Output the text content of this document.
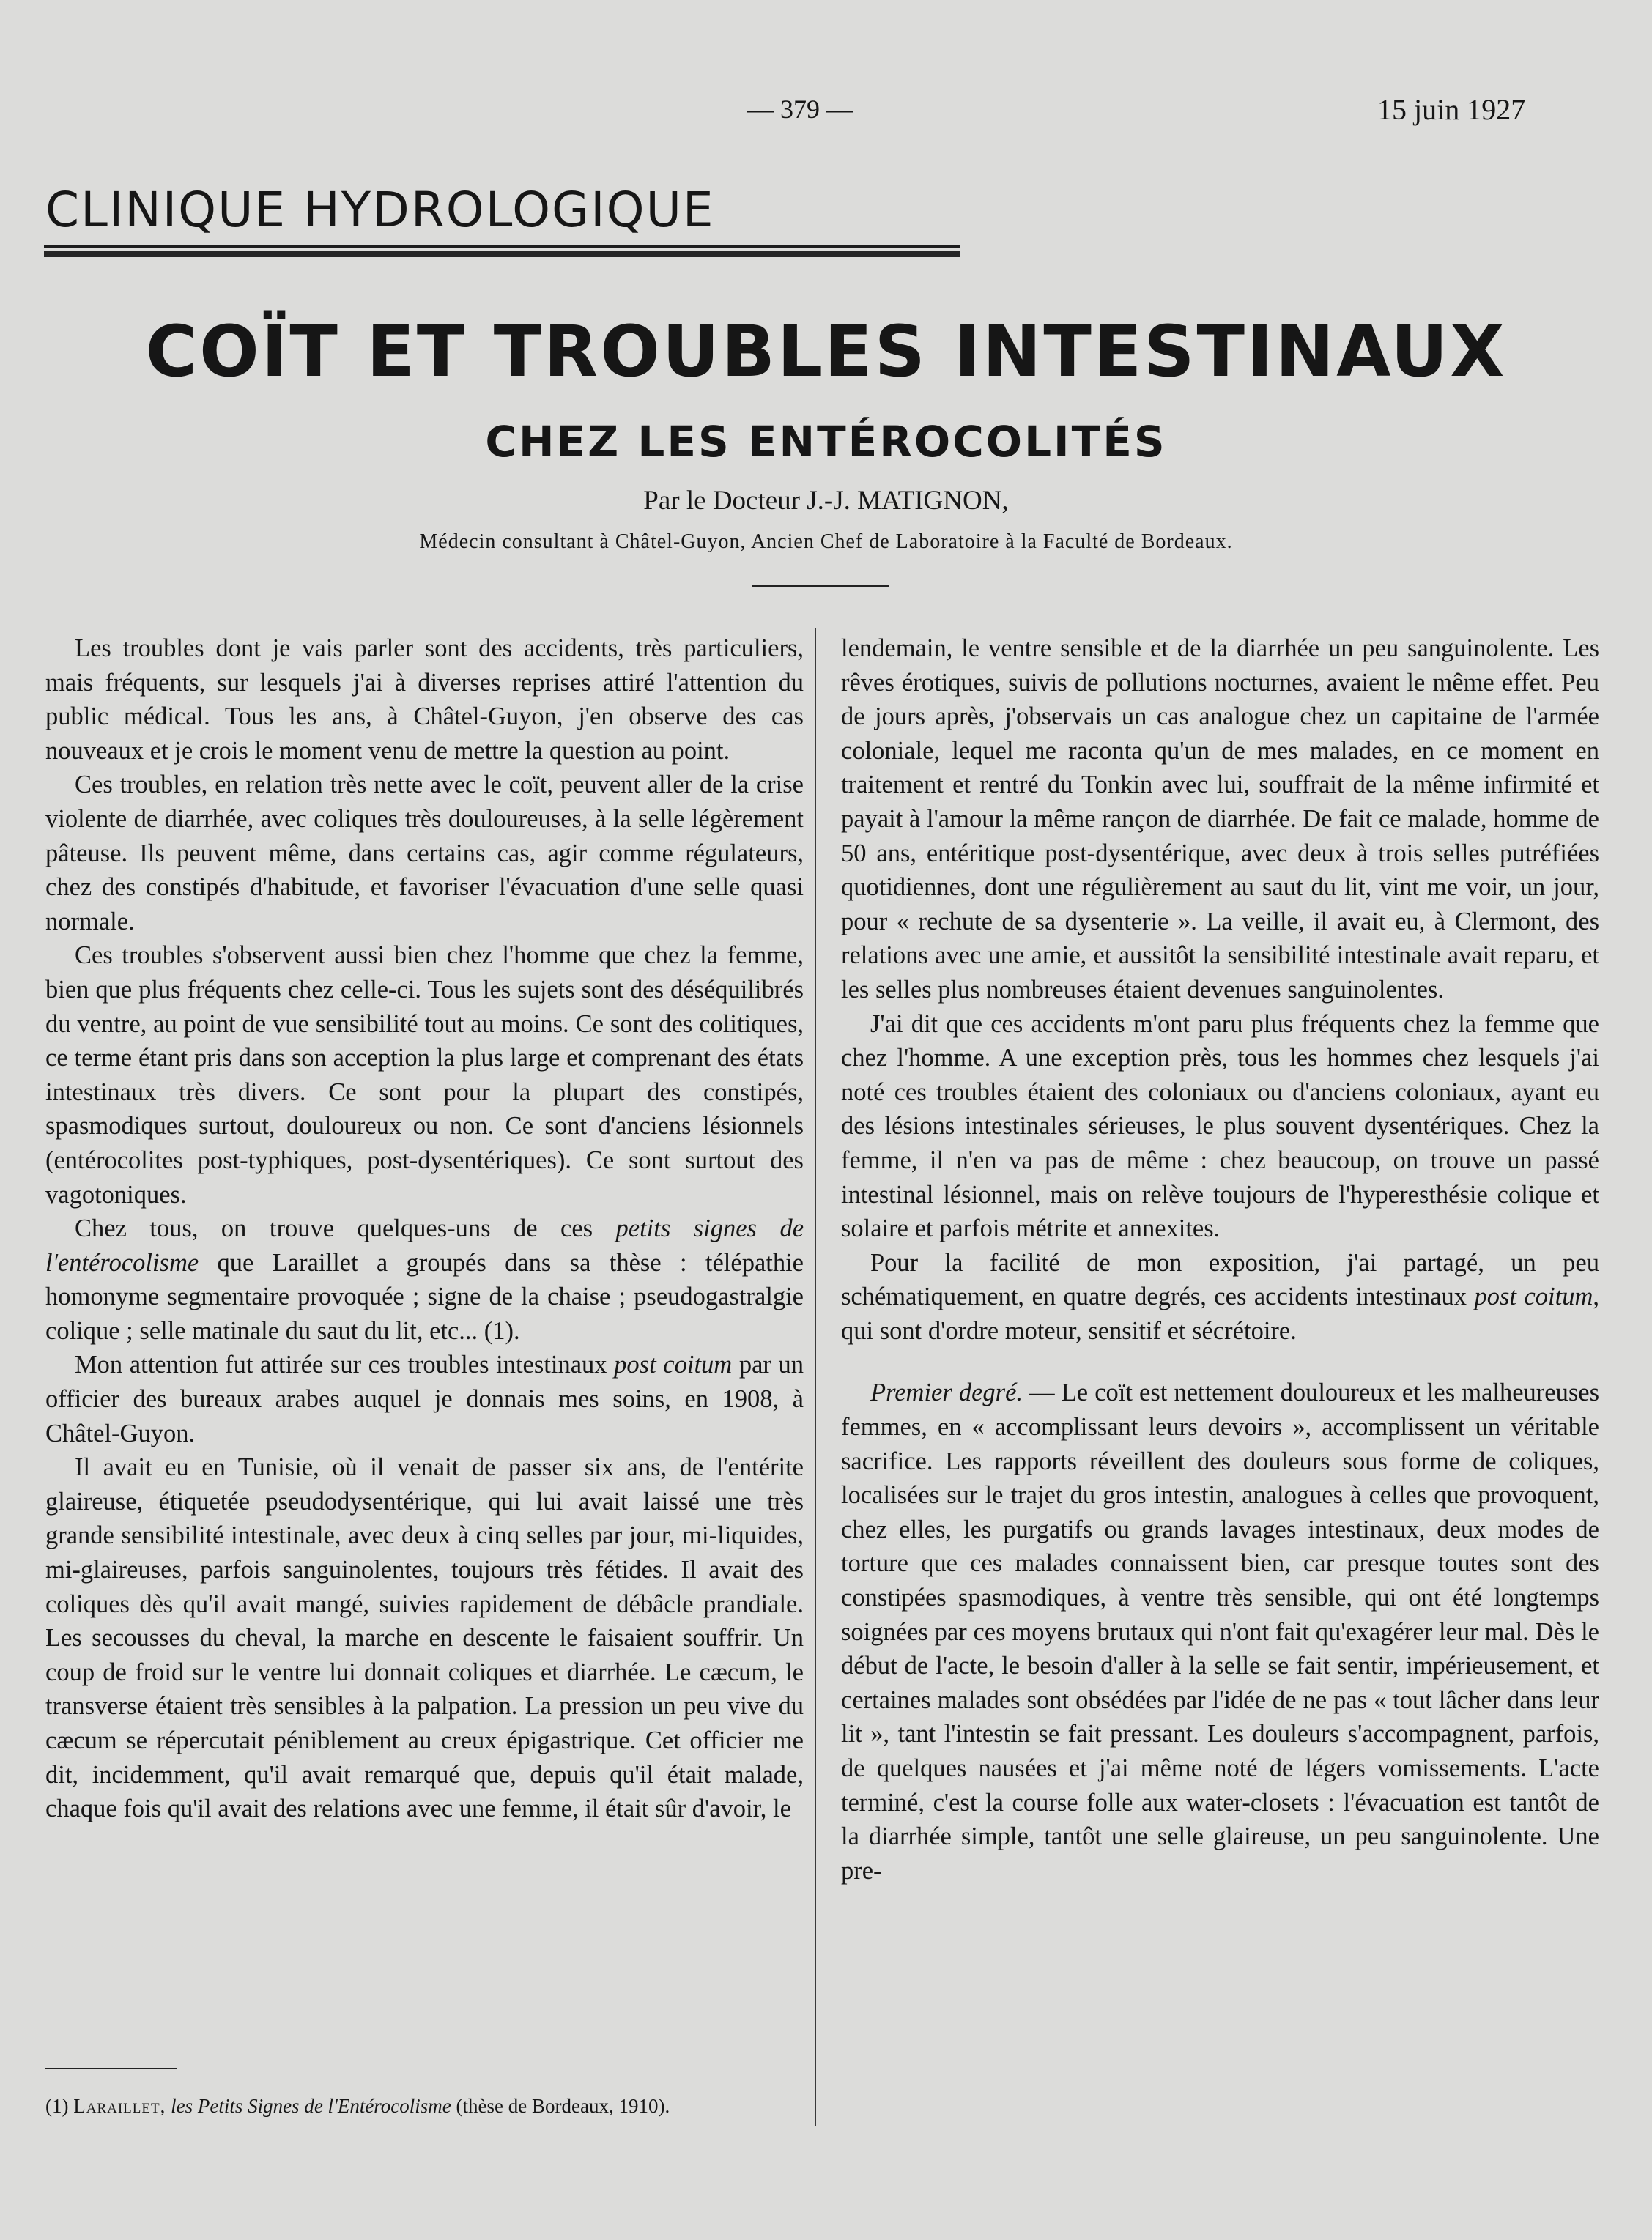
— 379 —	15 juin 1927
CLINIQUE HYDROLOGIQUE
COÏT ET TROUBLES INTESTINAUX
CHEZ LES ENTÉROCOLITÉS
Par le Docteur J.-J. MATIGNON,
Médecin consultant à Châtel-Guyon, Ancien Chef de Laboratoire à la Faculté de Bordeaux.

Les troubles dont je vais parler sont des accidents, très particuliers, mais fréquents, sur lesquels j'ai à diverses reprises attiré l'attention du public médical. Tous les ans, à Châtel-Guyon, j'en observe des cas nouveaux et je crois le moment venu de mettre la question au point.

Ces troubles, en relation très nette avec le coït, peuvent aller de la crise violente de diarrhée, avec coliques très douloureuses, à la selle légèrement pâteuse. Ils peuvent même, dans certains cas, agir comme régulateurs, chez des constipés d'habitude, et favoriser l'évacuation d'une selle quasi normale.

Ces troubles s'observent aussi bien chez l'homme que chez la femme, bien que plus fréquents chez celle-ci. Tous les sujets sont des déséquilibrés du ventre, au point de vue sensibilité tout au moins. Ce sont des colitiques, ce terme étant pris dans son acception la plus large et comprenant des états intestinaux très divers. Ce sont pour la plupart des constipés, spasmodiques surtout, douloureux ou non. Ce sont d'anciens lésionnels (entérocolites post-typhiques, post-dysentériques). Ce sont surtout des vagotoniques.

Chez tous, on trouve quelques-uns de ces petits signes de l'entérocolisme que Laraillet a groupés dans sa thèse : télépathie homonyme segmentaire provoquée ; signe de la chaise ; pseudogastralgie colique ; selle matinale du saut du lit, etc... (1).

Mon attention fut attirée sur ces troubles intestinaux post coitum par un officier des bureaux arabes auquel je donnais mes soins, en 1908, à Châtel-Guyon.

Il avait eu en Tunisie, où il venait de passer six ans, de l'entérite glaireuse, étiquetée pseudodysentérique, qui lui avait laissé une très grande sensibilité intestinale, avec deux à cinq selles par jour, mi-liquides, mi-glaireuses, parfois sanguinolentes, toujours très fétides. Il avait des coliques dès qu'il avait mangé, suivies rapidement de débâcle prandiale. Les secousses du cheval, la marche en descente le faisaient souffrir. Un coup de froid sur le ventre lui donnait coliques et diarrhée. Le cæcum, le transverse étaient très sensibles à la palpation. La pression un peu vive du cæcum se répercutait péniblement au creux épigastrique. Cet officier me dit, incidemment, qu'il avait remarqué que, depuis qu'il était malade, chaque fois qu'il avait des relations avec une femme, il était sûr d'avoir, le

lendemain, le ventre sensible et de la diarrhée un peu sanguinolente. Les rêves érotiques, suivis de pollutions nocturnes, avaient le même effet. Peu de jours après, j'observais un cas analogue chez un capitaine de l'armée coloniale, lequel me raconta qu'un de mes malades, en ce moment en traitement et rentré du Tonkin avec lui, souffrait de la même infirmité et payait à l'amour la même rançon de diarrhée. De fait ce malade, homme de 50 ans, entéritique post-dysentérique, avec deux à trois selles putréfiées quotidiennes, dont une régulièrement au saut du lit, vint me voir, un jour, pour « rechute de sa dysenterie ». La veille, il avait eu, à Clermont, des relations avec une amie, et aussitôt la sensibilité intestinale avait reparu, et les selles plus nombreuses étaient devenues sanguinolentes.

J'ai dit que ces accidents m'ont paru plus fréquents chez la femme que chez l'homme. A une exception près, tous les hommes chez lesquels j'ai noté ces troubles étaient des coloniaux ou d'anciens coloniaux, ayant eu des lésions intestinales sérieuses, le plus souvent dysentériques. Chez la femme, il n'en va pas de même : chez beaucoup, on trouve un passé intestinal lésionnel, mais on relève toujours de l'hyperesthésie colique et solaire et parfois métrite et annexites.

Pour la facilité de mon exposition, j'ai partagé, un peu schématiquement, en quatre degrés, ces accidents intestinaux post coitum, qui sont d'ordre moteur, sensitif et sécrétoire.

Premier degré. — Le coït est nettement douloureux et les malheureuses femmes, en « accomplissant leurs devoirs », accomplissent un véritable sacrifice. Les rapports réveillent des douleurs sous forme de coliques, localisées sur le trajet du gros intestin, analogues à celles que provoquent, chez elles, les purgatifs ou grands lavages intestinaux, deux modes de torture que ces malades connaissent bien, car presque toutes sont des constipées spasmodiques, à ventre très sensible, qui ont été longtemps soignées par ces moyens brutaux qui n'ont fait qu'exagérer leur mal. Dès le début de l'acte, le besoin d'aller à la selle se fait sentir, impérieusement, et certaines malades sont obsédées par l'idée de ne pas « tout lâcher dans leur lit », tant l'intestin se fait pressant. Les douleurs s'accompagnent, parfois, de quelques nausées et j'ai même noté de légers vomissements. L'acte terminé, c'est la course folle aux water-closets : l'évacuation est tantôt de la diarrhée simple, tantôt une selle glaireuse, un peu sanguinolente. Une pre-

(1) Laraillet, les Petits Signes de l'Entérocolisme (thèse de Bordeaux, 1910).
